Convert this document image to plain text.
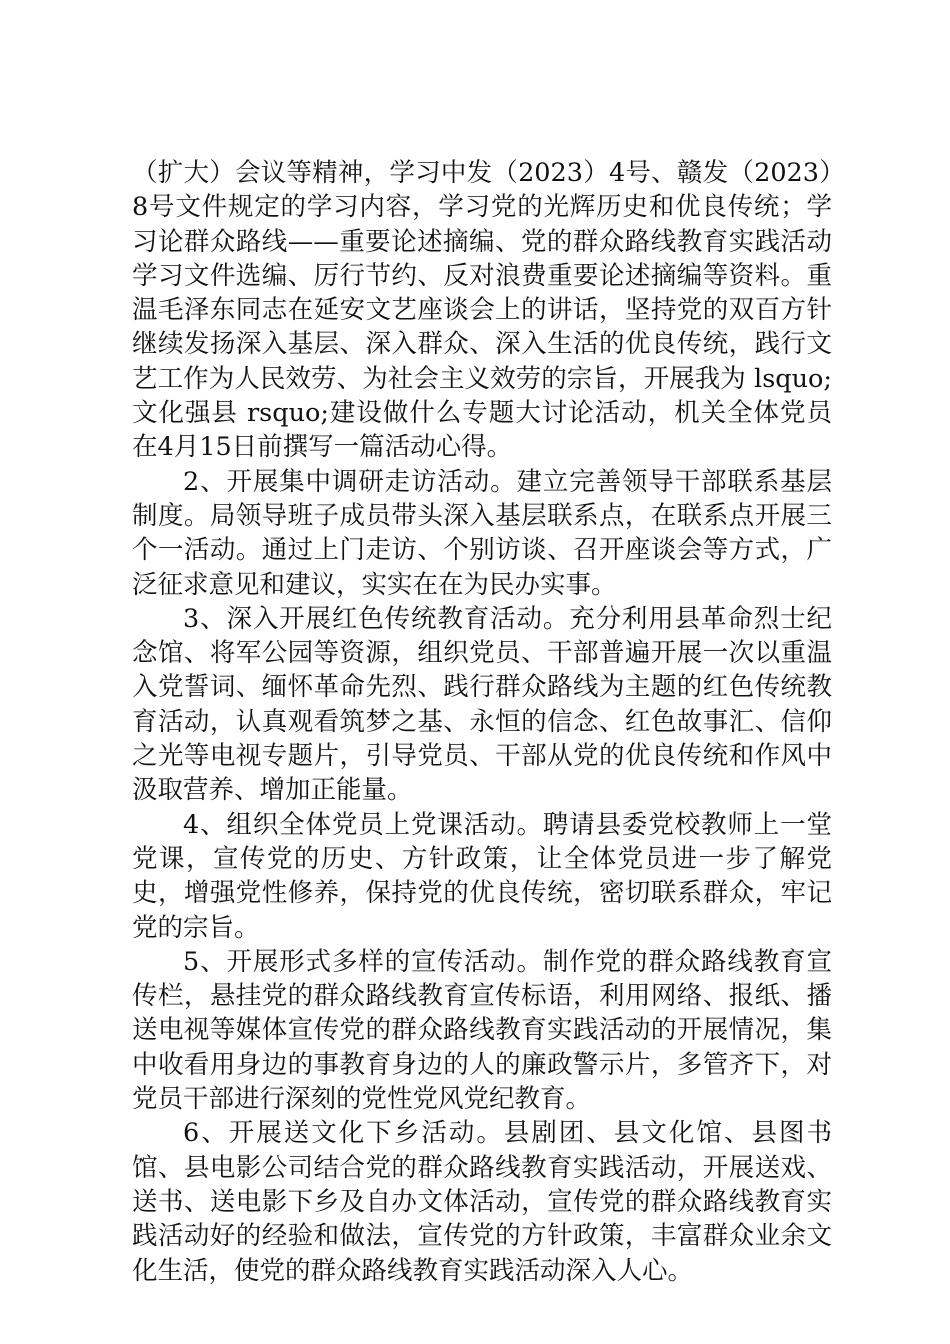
（扩大）会议等精神，学习中发（2023）4号、赣发（2023）8号文件规定的学习内容，学习党的光辉历史和优良传统；学习论群众路线——重要论述摘编、党的群众路线教育实践活动学习文件选编、厉行节约、反对浪费重要论述摘编等资料。重温毛泽东同志在延安文艺座谈会上的讲话，坚持党的双百方针继续发扬深入基层、深入群众、深入生活的优良传统，践行文艺工作为人民效劳、为社会主义效劳的宗旨，开展我为 lsquo;文化强县 rsquo;建设做什么专题大讨论活动，机关全体党员在4月15日前撰写一篇活动心得。

2、开展集中调研走访活动。建立完善领导干部联系基层制度。局领导班子成员带头深入基层联系点，在联系点开展三个一活动。通过上门走访、个别访谈、召开座谈会等方式，广泛征求意见和建议，实实在在为民办实事。

3、深入开展红色传统教育活动。充分利用县革命烈士纪念馆、将军公园等资源，组织党员、干部普遍开展一次以重温入党誓词、缅怀革命先烈、践行群众路线为主题的红色传统教育活动，认真观看筑梦之基、永恒的信念、红色故事汇、信仰之光等电视专题片，引导党员、干部从党的优良传统和作风中汲取营养、增加正能量。

4、组织全体党员上党课活动。聘请县委党校教师上一堂党课，宣传党的历史、方针政策，让全体党员进一步了解党史，增强党性修养，保持党的优良传统，密切联系群众，牢记党的宗旨。

5、开展形式多样的宣传活动。制作党的群众路线教育宣传栏，悬挂党的群众路线教育宣传标语，利用网络、报纸、播送电视等媒体宣传党的群众路线教育实践活动的开展情况，集中收看用身边的事教育身边的人的廉政警示片，多管齐下，对党员干部进行深刻的党性党风党纪教育。

6、开展送文化下乡活动。县剧团、县文化馆、县图书馆、县电影公司结合党的群众路线教育实践活动，开展送戏、送书、送电影下乡及自办文体活动，宣传党的群众路线教育实践活动好的经验和做法，宣传党的方针政策，丰富群众业余文化生活，使党的群众路线教育实践活动深入人心。
